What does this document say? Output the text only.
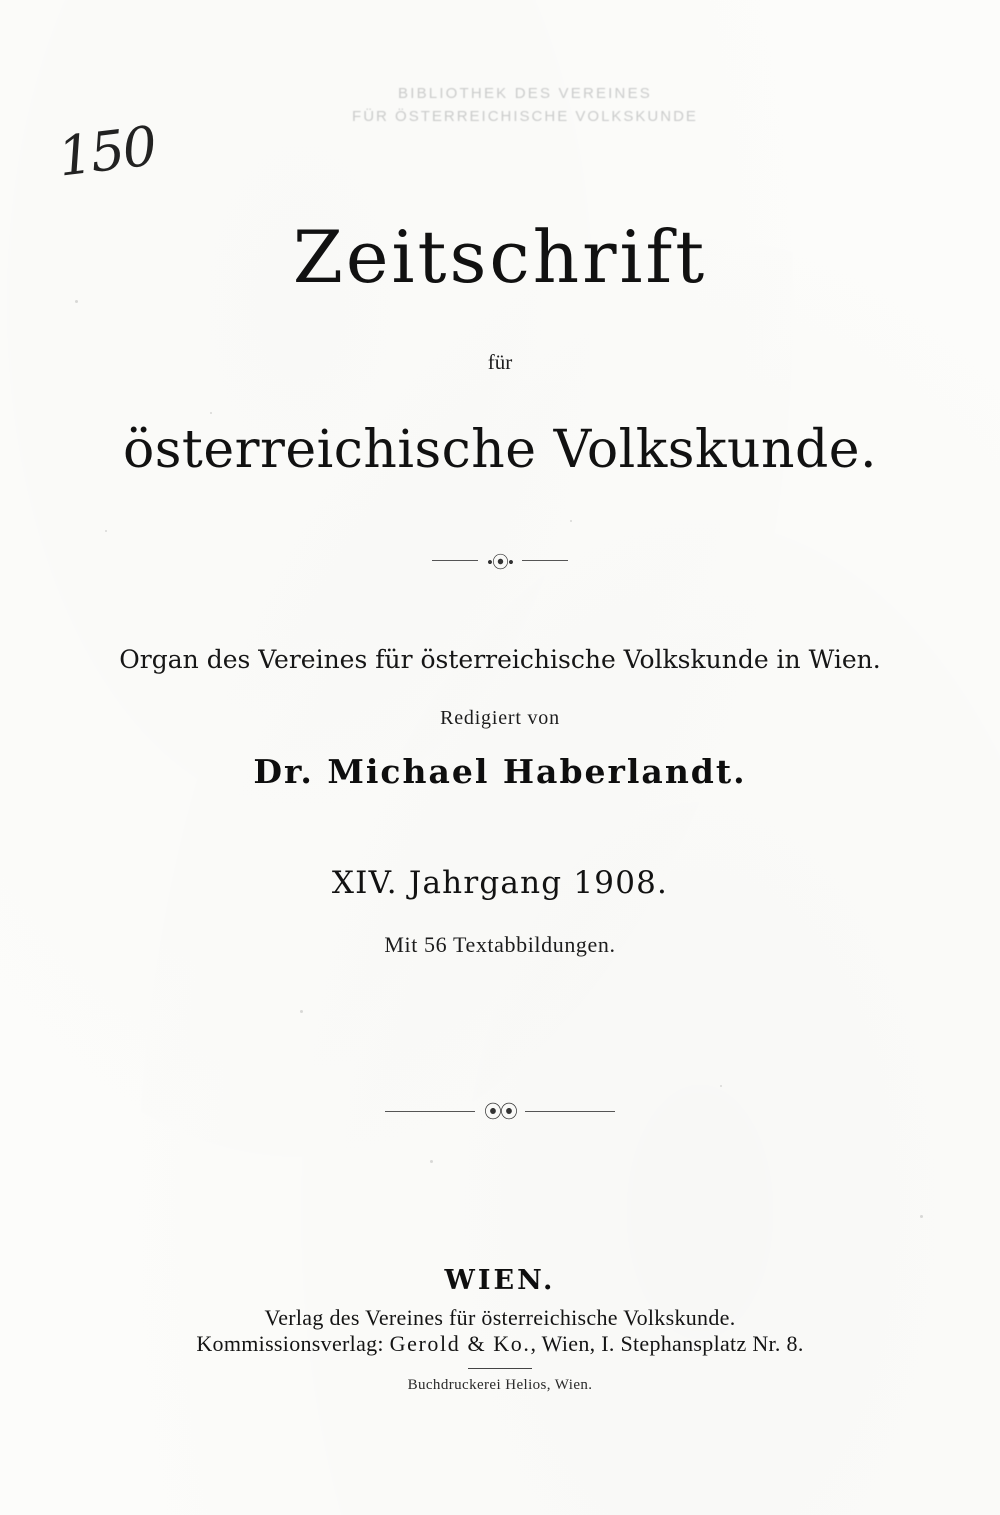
BIBLIOTHEK DES VEREINES
FÜR ÖSTERREICHISCHE VOLKSKUNDE
150
Zeitschrift
für
österreichische Volkskunde.
•⦿•
Organ des Vereines für österreichische Volkskunde in Wien.
Redigiert von
Dr. Michael Haberlandt.
XIV. Jahrgang 1908.
Mit 56 Textabbildungen.
⦿⦿
WIEN.
Verlag des Vereines für österreichische Volkskunde.
Kommissionsverlag: Gerold & Ko., Wien, I. Stephansplatz Nr. 8.
Buchdruckerei Helios, Wien.
